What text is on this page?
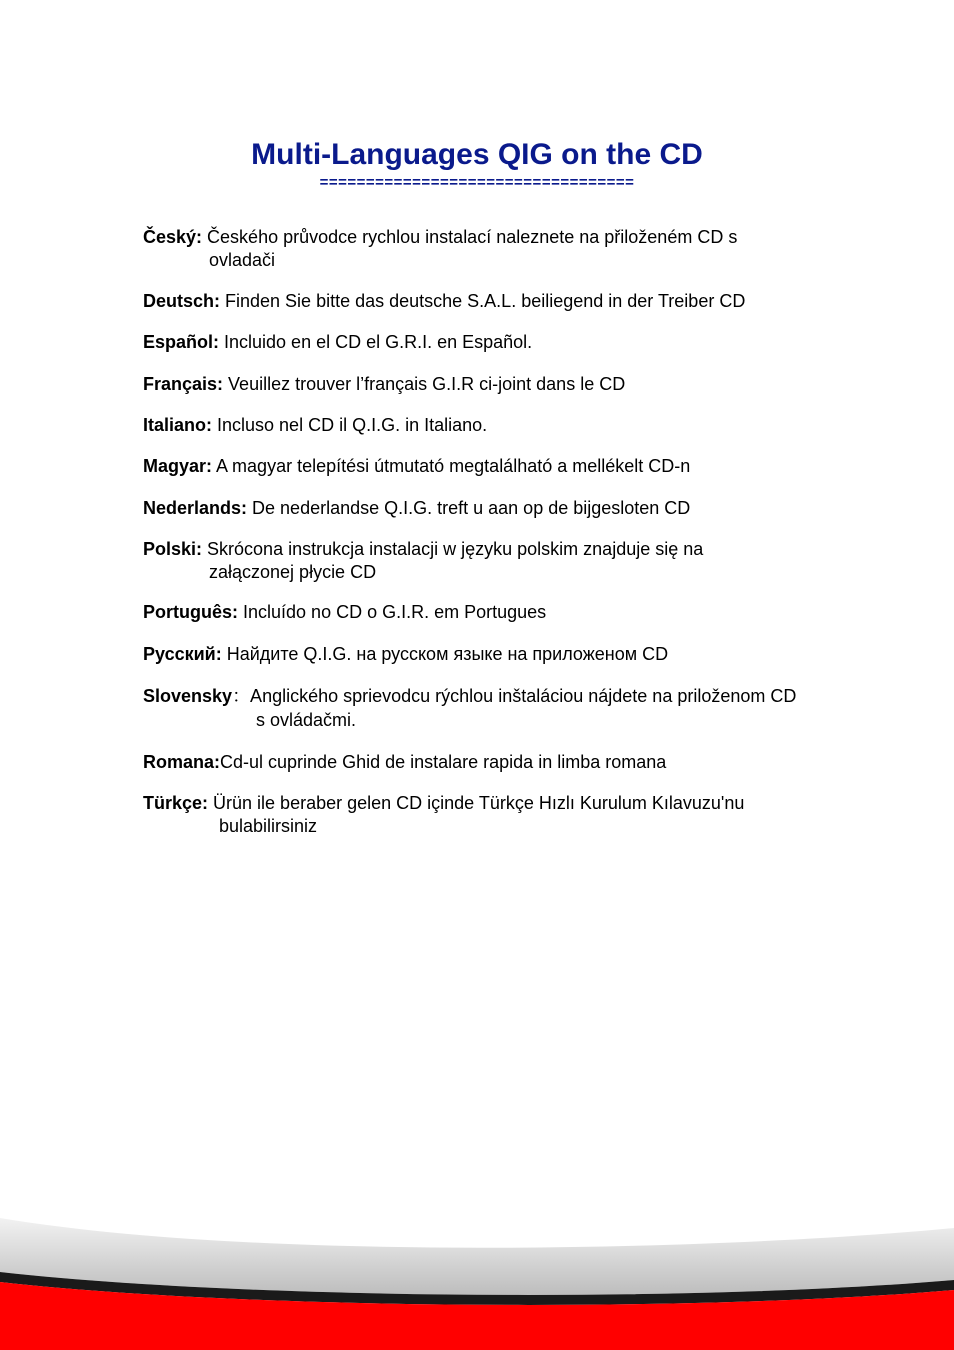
Multi-Languages QIG on the CD
==================================
Český: Českého průvodce rychlou instalací naleznete na přiloženém CD s
ovladači
Deutsch: Finden Sie bitte das deutsche S.A.L. beiliegend in der Treiber CD
Español: Incluido en el CD el G.R.I. en Español.
Français: Veuillez trouver l’français G.I.R ci-joint dans le CD
Italiano: Incluso nel CD il Q.I.G. in Italiano.
Magyar: A magyar telepítési útmutató megtalálható a mellékelt CD-n
Nederlands: De nederlandse Q.I.G. treft u aan op de bijgesloten CD
Polski: Skrócona instrukcja instalacji w języku polskim znajduje się na
załączonej płycie CD
Português: Incluído no CD o G.I.R. em Portugues
Русский: Найдите Q.I.G. на русском языке на приложеном CD
Slovensky：Anglického sprievodcu rýchlou inštaláciou nájdete na priloženom CD
s ovládačmi.
Romana:Cd-ul cuprinde Ghid de instalare rapida in limba romana
Türkçe: Ürün ile beraber gelen CD içinde Türkçe Hızlı Kurulum Kılavuzu'nu
bulabilirsiniz
